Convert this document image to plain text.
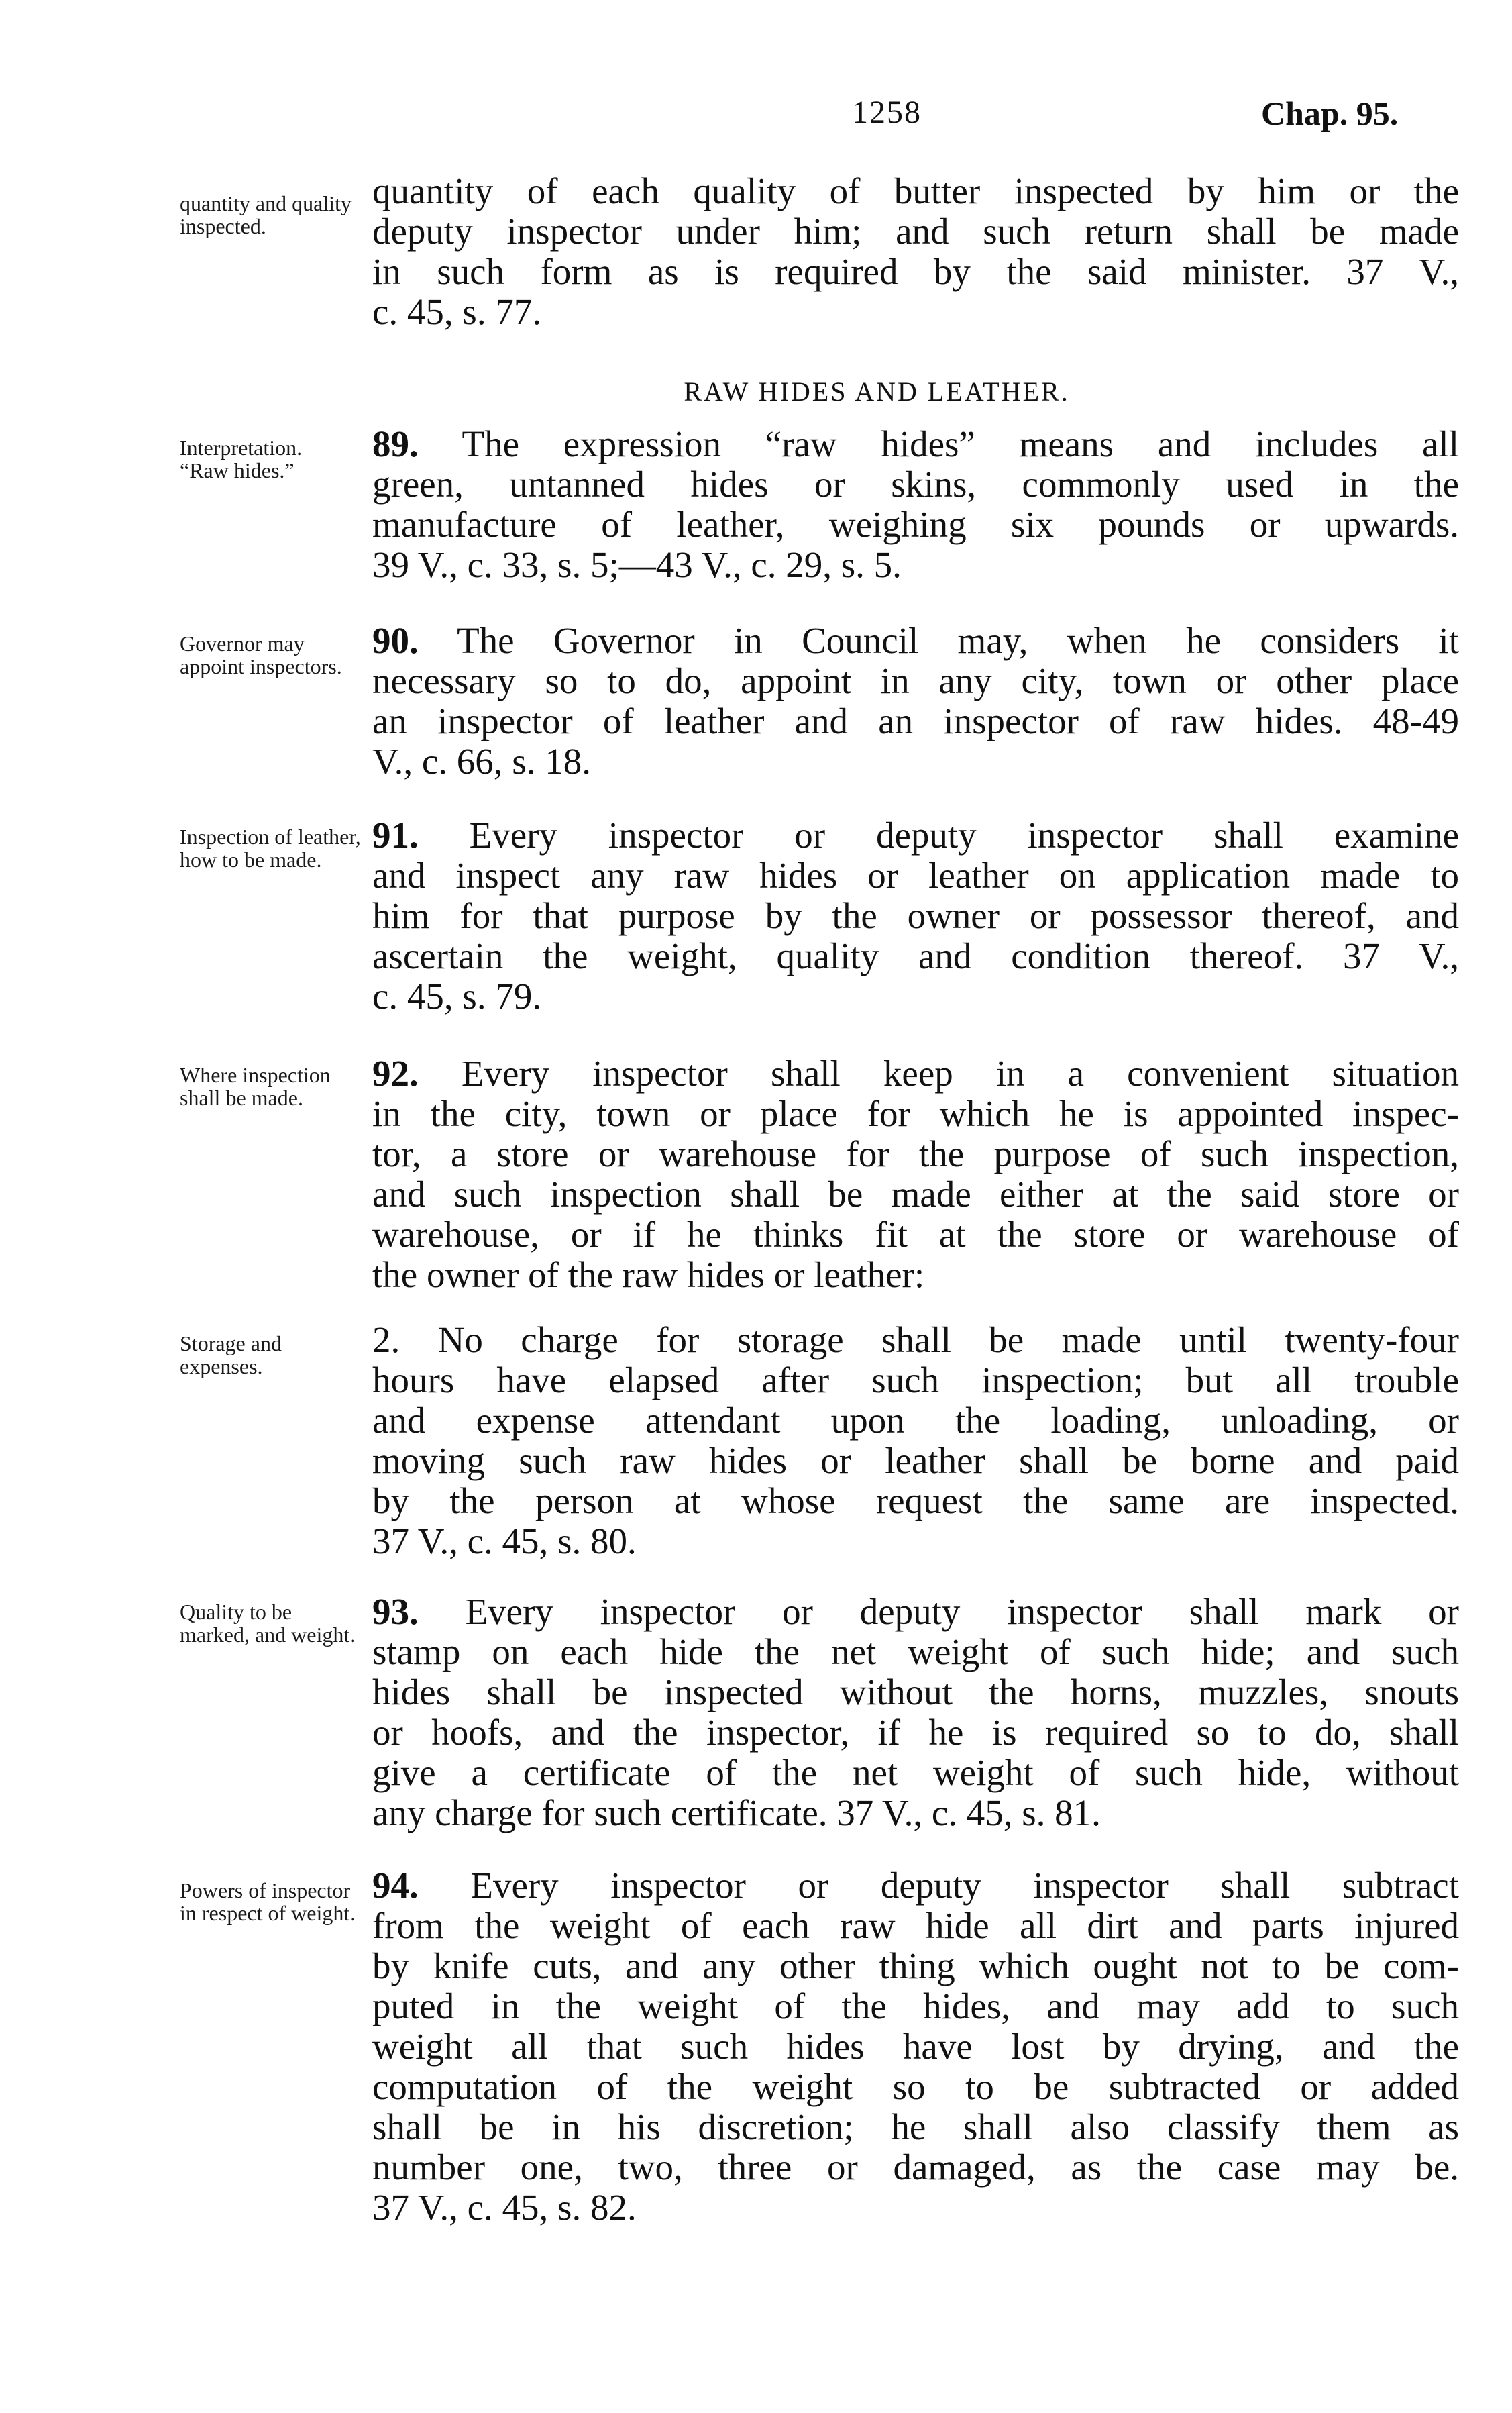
1258	Chap. 95.
quantity and quality inspected.
quantity of each quality of butter inspected by him or the
deputy inspector under him; and such return shall be made
in such form as is required by the said minister. 37 V.,
c. 45, s. 77.
RAW HIDES AND LEATHER.
Interpretation.
“Raw hides.”
89. The expression “raw hides” means and includes all
green, untanned hides or skins, commonly used in the
manufacture of leather, weighing six pounds or upwards.
39 V., c. 33, s. 5;—43 V., c. 29, s. 5.
Governor may appoint inspectors.
90. The Governor in Council may, when he considers it
necessary so to do, appoint in any city, town or other place
an inspector of leather and an inspector of raw hides. 48-49
V., c. 66, s. 18.
Inspection of leather, how to be made.
91. Every inspector or deputy inspector shall examine
and inspect any raw hides or leather on application made to
him for that purpose by the owner or possessor thereof, and
ascertain the weight, quality and condition thereof. 37 V.,
c. 45, s. 79.
Where inspection shall be made.
92. Every inspector shall keep in a convenient situation
in the city, town or place for which he is appointed inspec-
tor, a store or warehouse for the purpose of such inspection,
and such inspection shall be made either at the said store or
warehouse, or if he thinks fit at the store or warehouse of
the owner of the raw hides or leather:
Storage and expenses.
2. No charge for storage shall be made until twenty-four
hours have elapsed after such inspection; but all trouble
and expense attendant upon the loading, unloading, or
moving such raw hides or leather shall be borne and paid
by the person at whose request the same are inspected.
37 V., c. 45, s. 80.
Quality to be marked, and weight.
93. Every inspector or deputy inspector shall mark or
stamp on each hide the net weight of such hide; and such
hides shall be inspected without the horns, muzzles, snouts
or hoofs, and the inspector, if he is required so to do, shall
give a certificate of the net weight of such hide, without
any charge for such certificate. 37 V., c. 45, s. 81.
Powers of inspector in respect of weight.
94. Every inspector or deputy inspector shall subtract
from the weight of each raw hide all dirt and parts injured
by knife cuts, and any other thing which ought not to be com-
puted in the weight of the hides, and may add to such
weight all that such hides have lost by drying, and the
computation of the weight so to be subtracted or added
shall be in his discretion; he shall also classify them as
number one, two, three or damaged, as the case may be.
37 V., c. 45, s. 82.
